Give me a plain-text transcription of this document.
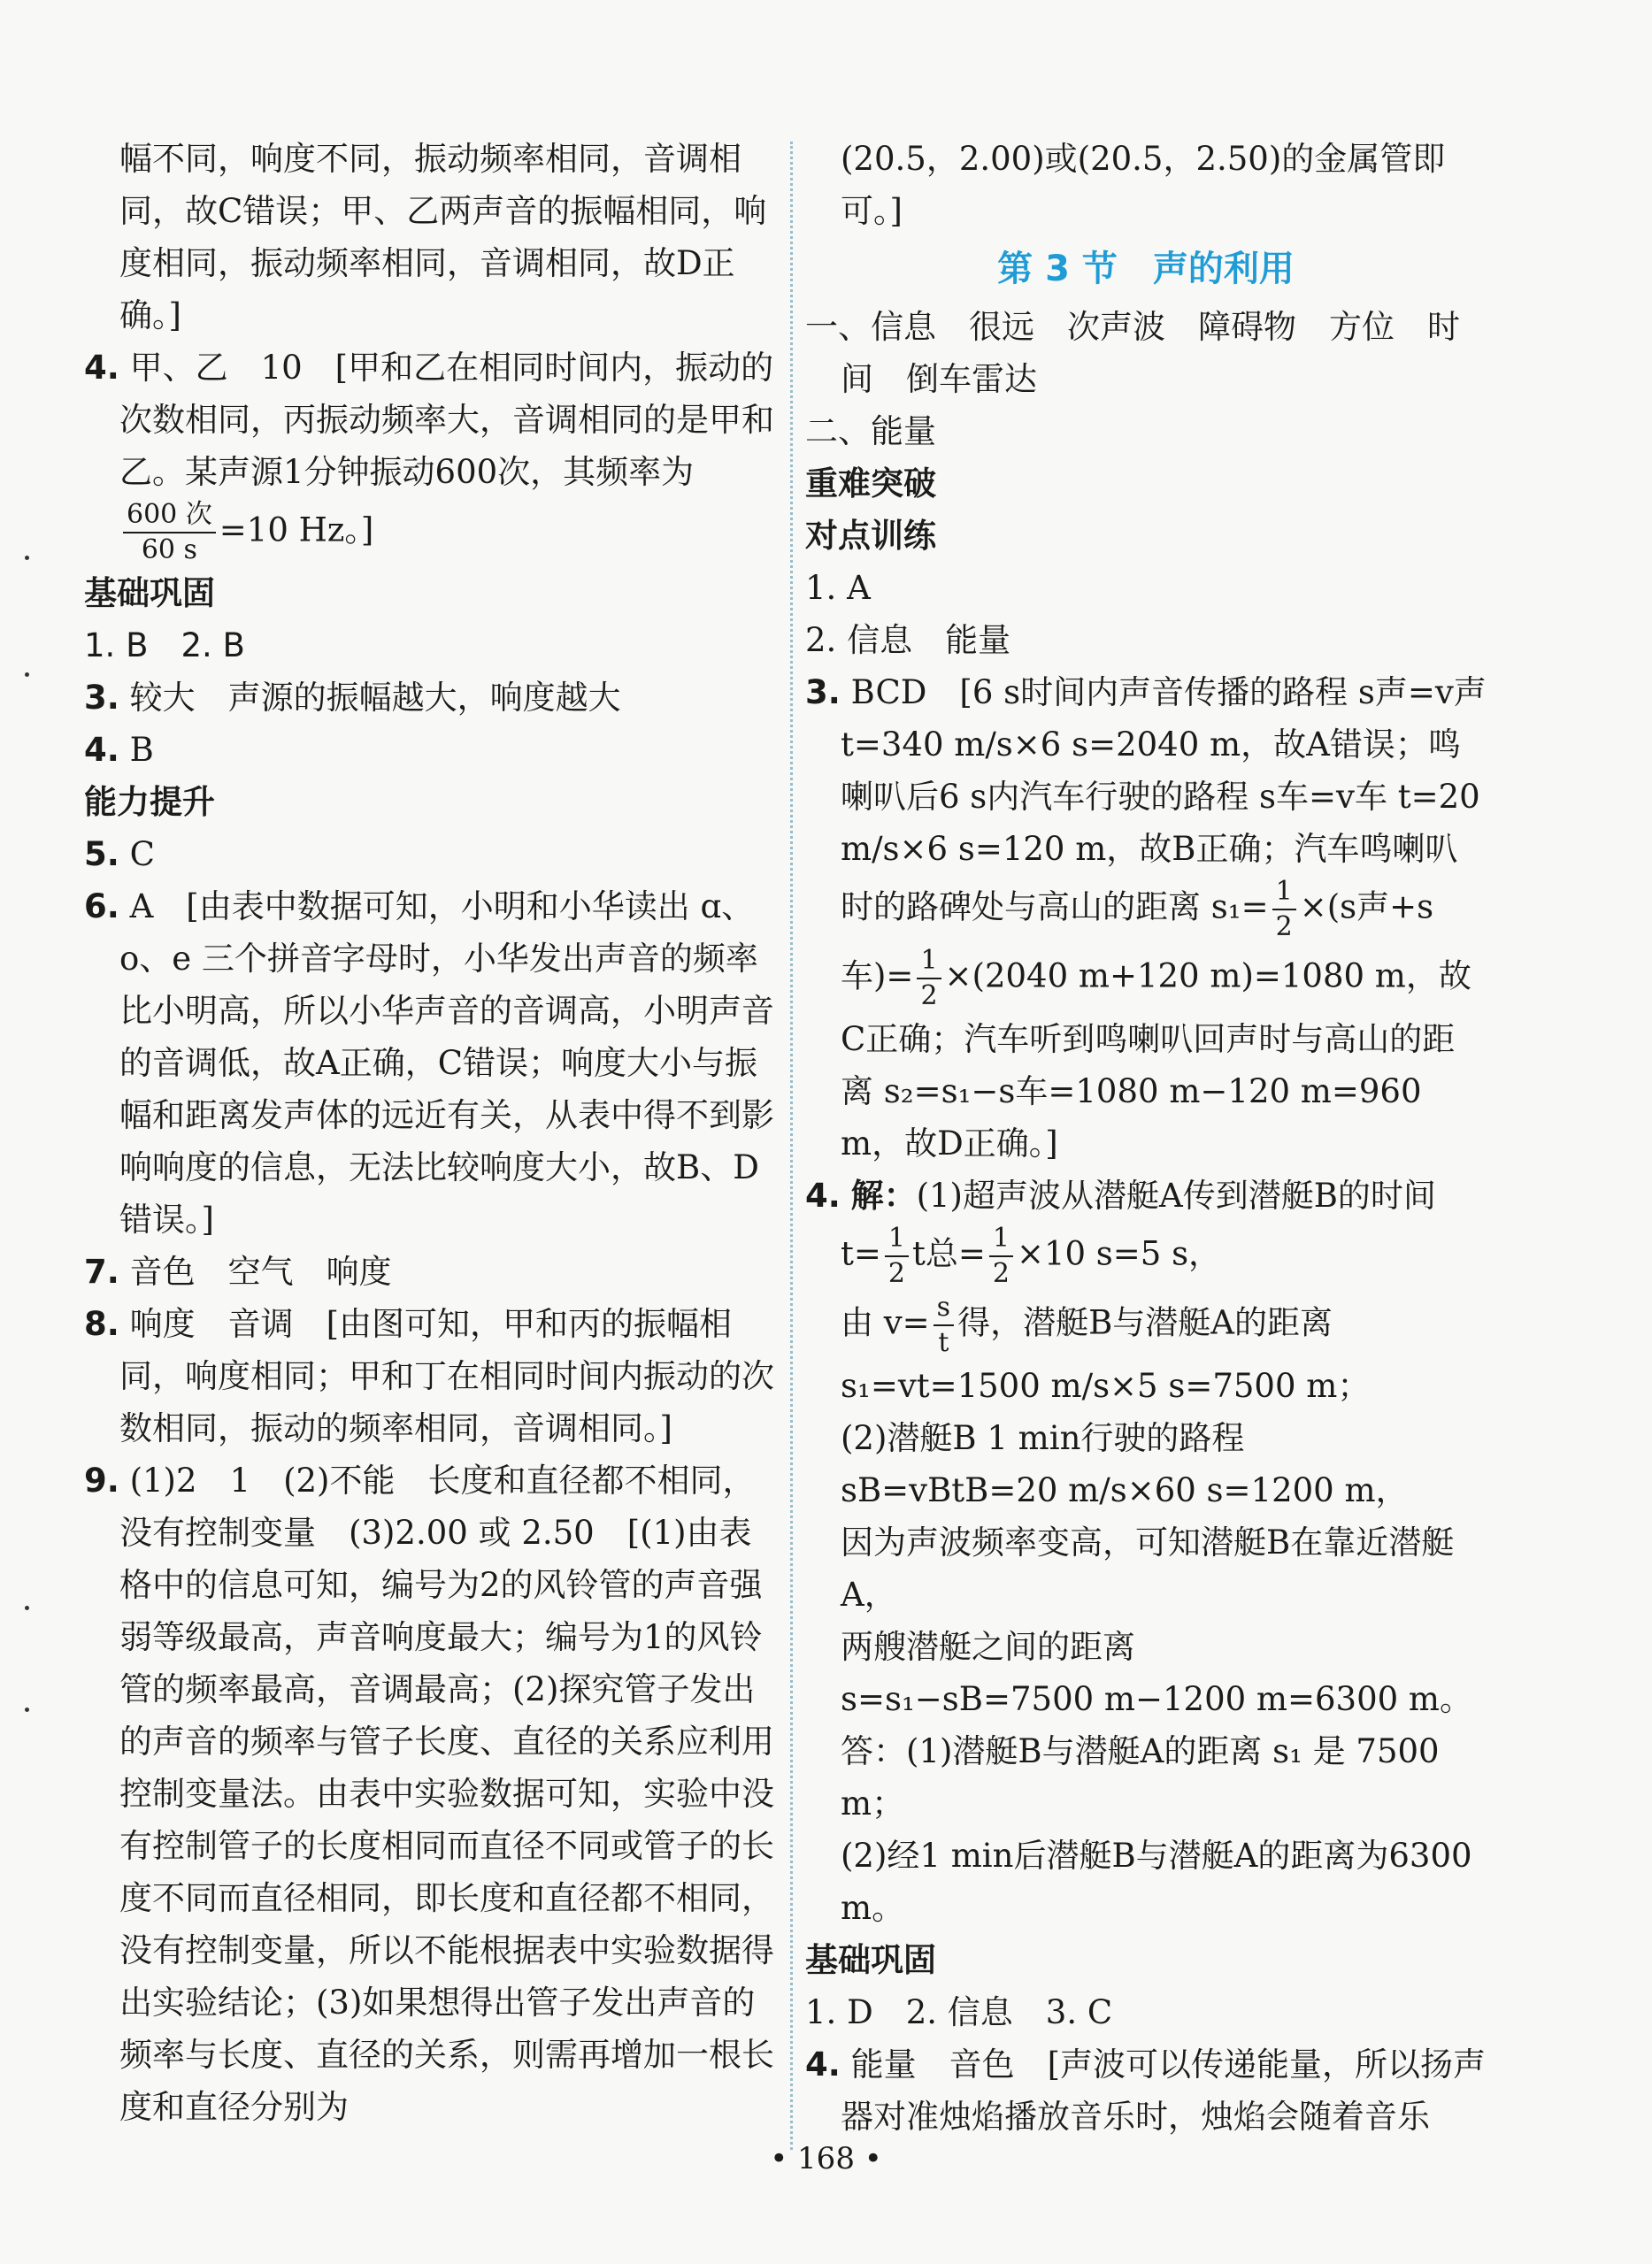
幅不同，响度不同，振动频率相同，音调相同，故C错误；甲、乙两声音的振幅相同，响度相同，振动频率相同，音调相同，故D正确。]

4. 甲、乙　10　[甲和乙在相同时间内，振动的次数相同，丙振动频率大，音调相同的是甲和乙。某声源1分钟振动600次，其频率为
$\frac{\text{600 次}}{60 s} =10$ Hz。]

基础巩固

1. B　2. B

3. 较大　声源的振幅越大，响度越大

4. B

能力提升

5. C

6. A　[由表中数据可知，小明和小华读出 ɑ、o、e 三个拼音字母时，小华发出声音的频率比小明高，所以小华声音的音调高，小明声音的音调低，故A正确，C错误；响度大小与振幅和距离发声体的远近有关，从表中得不到影响响度的信息，无法比较响度大小，故B、D错误。]

7. 音色　空气　响度

8. 响度　音调　[由图可知，甲和丙的振幅相同，响度相同；甲和丁在相同时间内振动的次数相同，振动的频率相同，音调相同。]

9. (1)2　1　(2)不能　长度和直径都不相同，没有控制变量　(3)2.00 或 2.50　[(1)由表格中的信息可知，编号为2的风铃管的声音强弱等级最高，声音响度最大；编号为1的风铃管的频率最高，音调最高；(2)探究管子发出的声音的频率与管子长度、直径的关系应利用控制变量法。由表中实验数据可知，实验中没有控制管子的长度相同而直径不同或管子的长度不同而直径相同，即长度和直径都不相同，没有控制变量，所以不能根据表中实验数据得出实验结论；(3)如果想得出管子发出声音的频率与长度、直径的关系，则需再增加一根长度和直径分别为

(20.5，2.00)或(20.5，2.50)的金属管即可。]

第 3 节　声的利用

一、信息　很远　次声波　障碍物　方位　时间　倒车雷达

二、能量

重难突破

对点训练

1. A

2. 信息　能量

3. BCD　[6 s时间内声音传播的路程 s声=v声 t=340 m/s×6 s=2040 m，故A错误；鸣喇叭后6 s内汽车行驶的路程 s车=v车 t=20 m/s×6 s=120 m，故B正确；汽车鸣喇叭时的路碑处与高山的距离 $s_1= \frac{1}{2} \times(s$声+s车)= $\frac{1}{2} \times(2040$ m+120 m)=1080 m，故C正确；汽车听到鸣喇叭回声时与高山的距离 s₂=s₁−s车=1080 m−120 m=960 m，故D正确。]

4. 解：(1)超声波从潜艇A传到潜艇B的时间

$t= \frac{1}{2}$ t总= $\frac{1}{2} \times 10$ s=5 s，

由 $v= \frac{s}{t}$ 得，潜艇B与潜艇A的距离

s₁=vt=1500 m/s×5 s=7500 m；

(2)潜艇B 1 min行驶的路程

sB=vBtB=20 m/s×60 s=1200 m，

因为声波频率变高，可知潜艇B在靠近潜艇A，

两艘潜艇之间的距离

s=s₁−sB=7500 m−1200 m=6300 m。

答：(1)潜艇B与潜艇A的距离 s₁ 是 7500 m；

(2)经1 min后潜艇B与潜艇A的距离为6300 m。

基础巩固

1. D　2. 信息　3. C

4. 能量　音色　[声波可以传递能量，所以扬声器对准烛焰播放音乐时，烛焰会随着音乐

• 168 •
